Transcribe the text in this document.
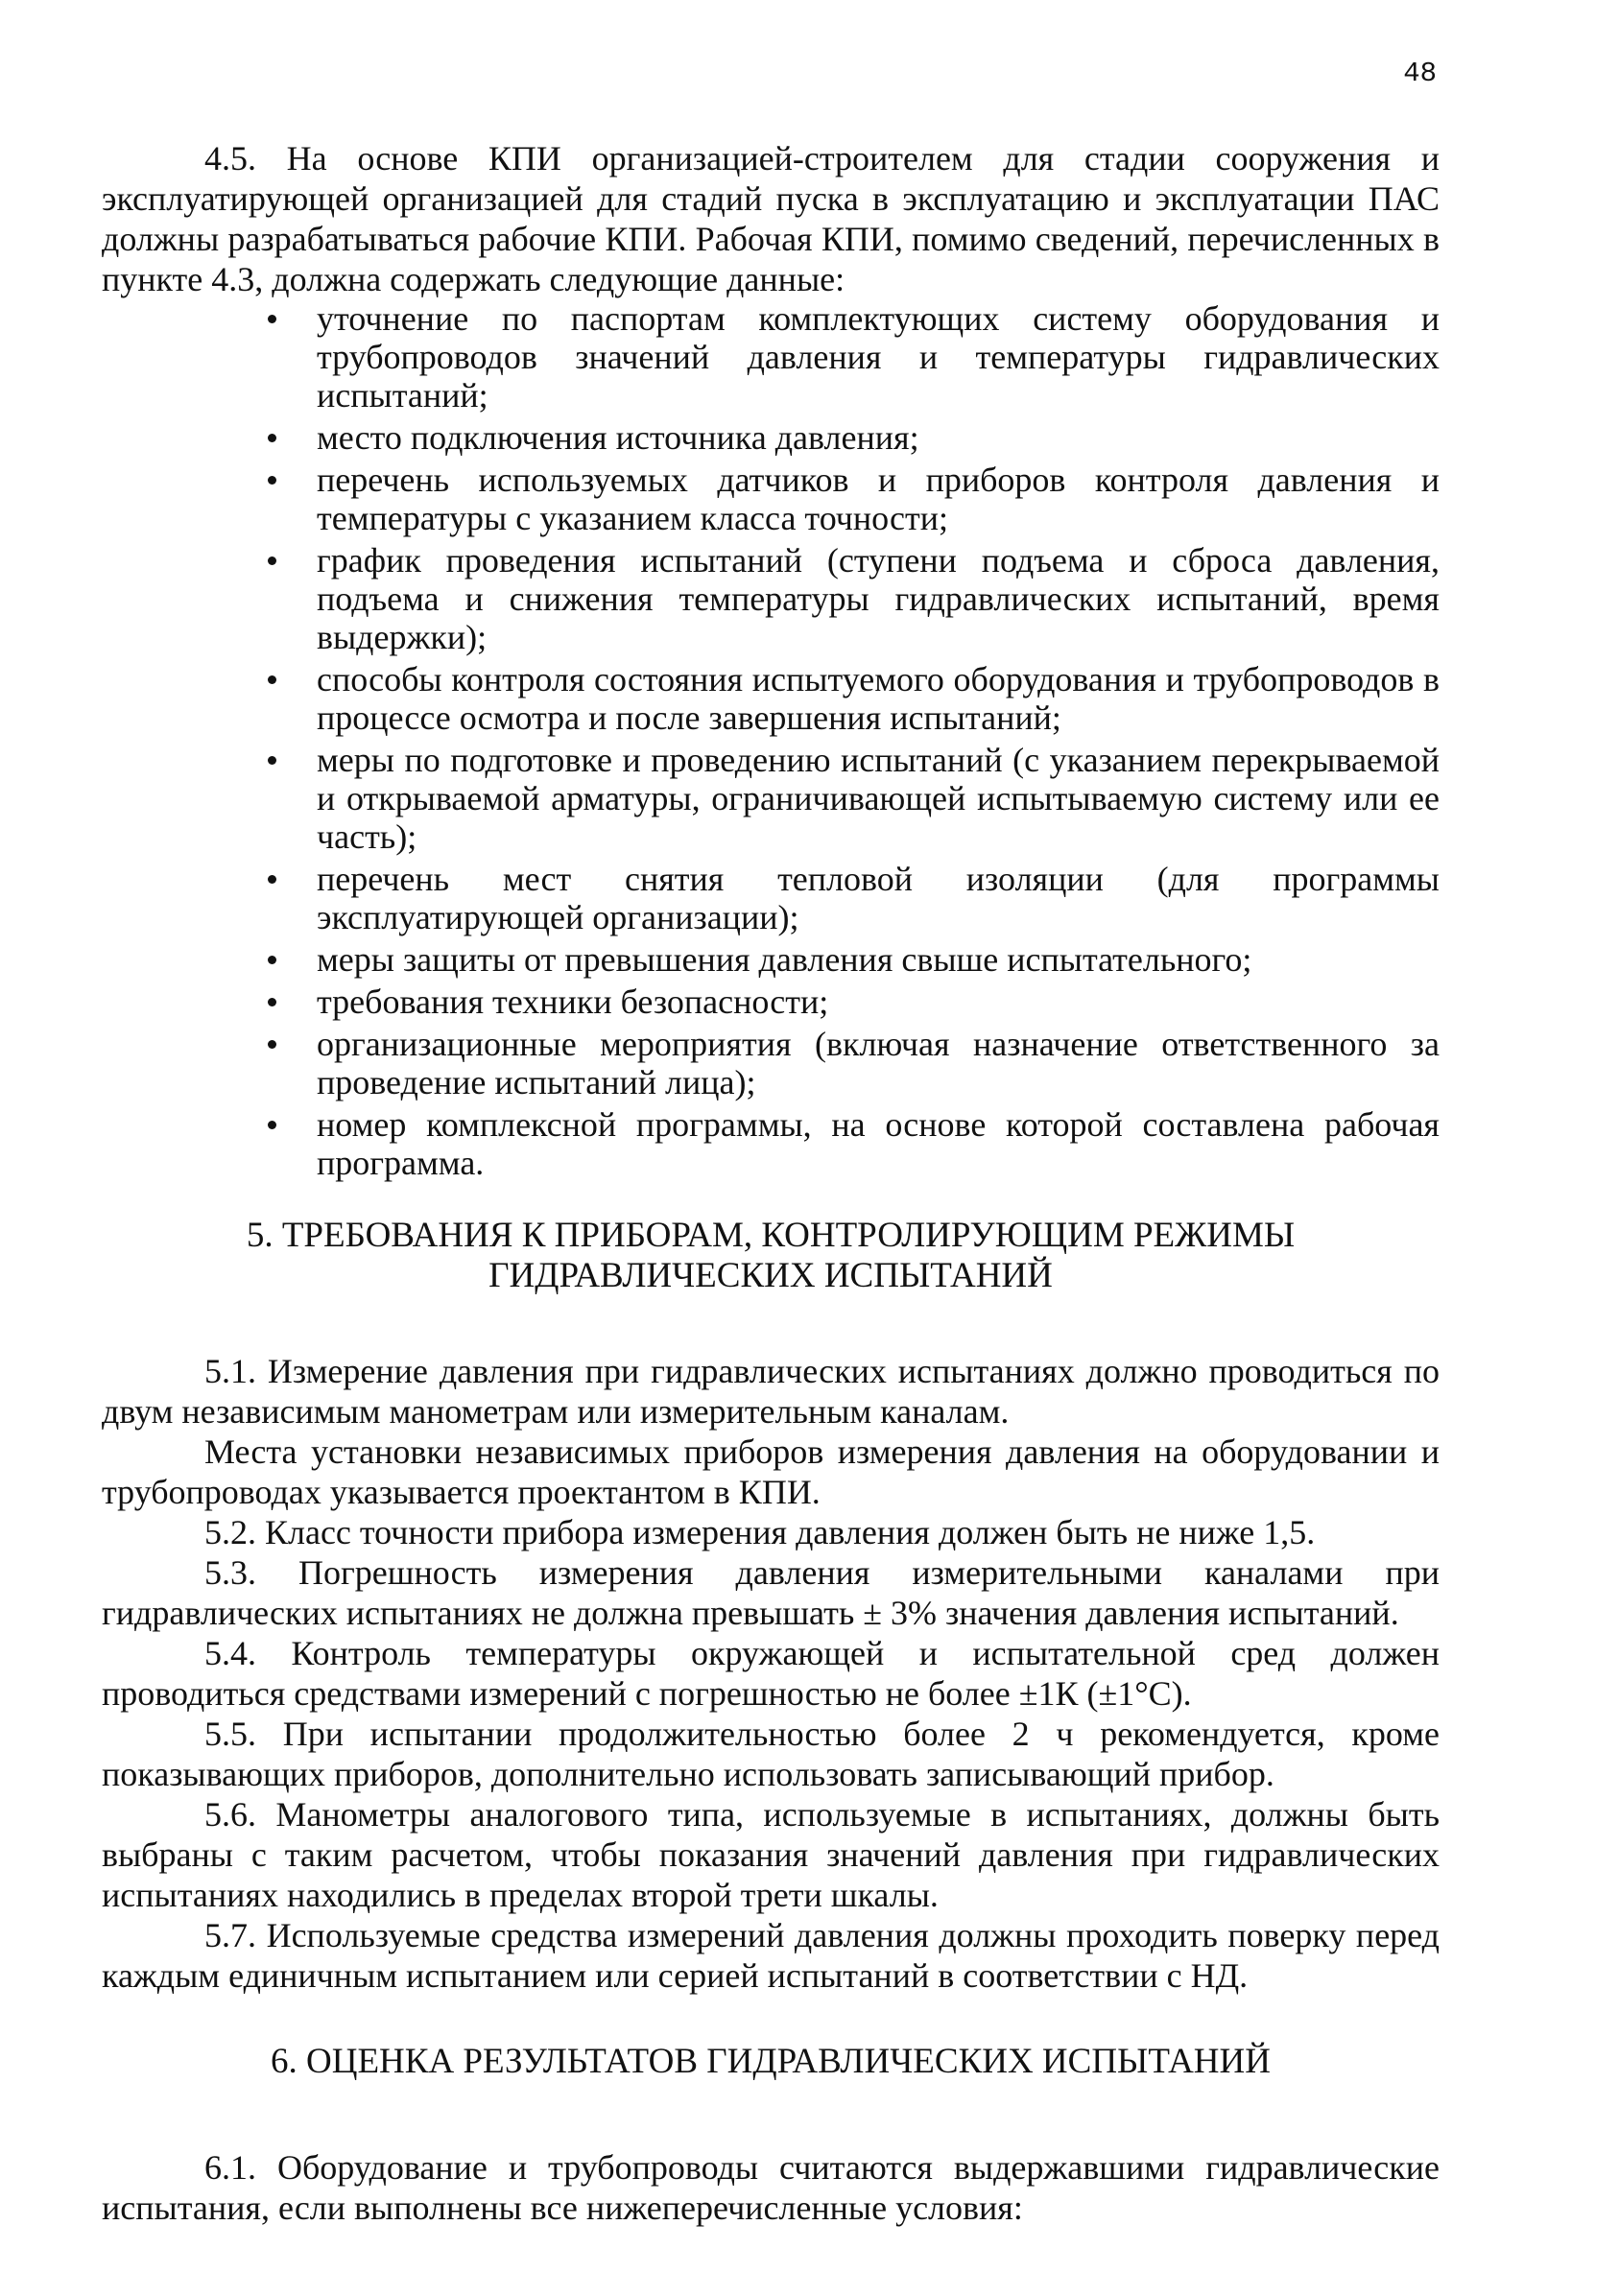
48

4.5. На основе КПИ организацией-строителем для стадии сооружения и эксплуатирующей организацией для стадий пуска в эксплуатацию и эксплуатации ПАС должны разрабатываться рабочие КПИ. Рабочая КПИ, помимо сведений, перечисленных в пункте 4.3, должна содержать следующие данные:

уточнение по паспортам комплектующих систему оборудования и трубопроводов значений давления и температуры гидравлических испытаний;
место подключения источника давления;
перечень используемых датчиков и приборов контроля давления и температуры с указанием класса точности;
график проведения испытаний (ступени подъема и сброса давления, подъема и снижения температуры гидравлических испытаний, время выдержки);
способы контроля состояния испытуемого оборудования и трубопроводов в процессе осмотра и после завершения испытаний;
меры по подготовке и проведению испытаний (с указанием перекрываемой и открываемой арматуры, ограничивающей испытываемую систему или ее часть);
перечень мест снятия тепловой изоляции (для программы эксплуатирующей организации);
меры защиты от превышения давления свыше испытательного;
требования техники безопасности;
организационные мероприятия (включая назначение ответственного за проведение испытаний лица);
номер комплексной программы, на основе которой составлена рабочая программа.
5. ТРЕБОВАНИЯ К ПРИБОРАМ, КОНТРОЛИРУЮЩИМ РЕЖИМЫ
ГИДРАВЛИЧЕСКИХ ИСПЫТАНИЙ

5.1. Измерение давления при гидравлических испытаниях должно проводиться по двум независимым манометрам или измерительным каналам.

Места установки независимых приборов измерения давления на оборудовании и трубопроводах указывается проектантом в КПИ.

5.2. Класс точности прибора измерения давления должен быть не ниже 1,5.

5.3. Погрешность измерения давления измерительными каналами при гидравлических испытаниях не должна превышать ± 3% значения давления испытаний.

5.4. Контроль температуры окружающей и испытательной сред должен проводиться средствами измерений с погрешностью не более ±1К (±1°С).

5.5. При испытании продолжительностью более 2 ч рекомендуется, кроме показывающих приборов, дополнительно использовать записывающий прибор.

5.6. Манометры аналогового типа, используемые в испытаниях, должны быть выбраны с таким расчетом, чтобы показания значений давления при гидравлических испытаниях находились в пределах второй трети шкалы.

5.7. Используемые средства измерений давления должны проходить поверку перед каждым единичным испытанием или серией испытаний в соответствии с НД.

6. ОЦЕНКА РЕЗУЛЬТАТОВ ГИДРАВЛИЧЕСКИХ ИСПЫТАНИЙ

6.1. Оборудование и трубопроводы считаются выдержавшими гидравлические испытания, если выполнены все нижеперечисленные условия:
